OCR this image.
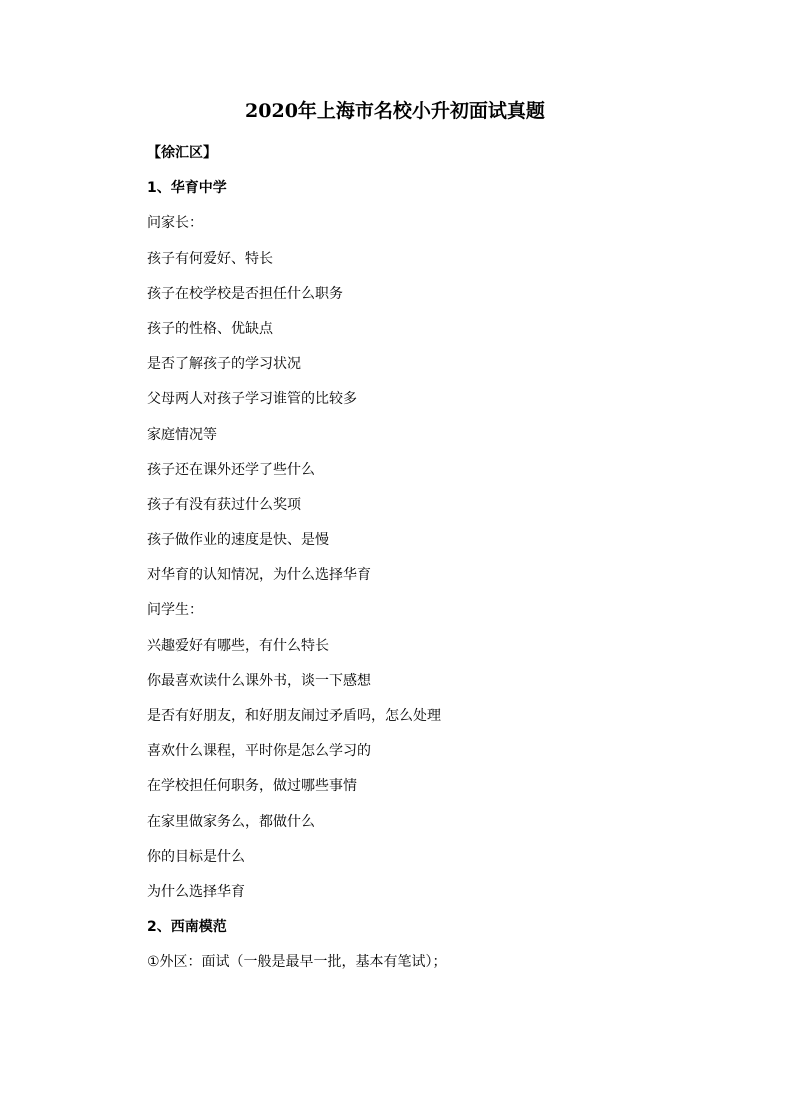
2020年上海市名校小升初面试真题
【徐汇区】
1、华育中学
问家长：
孩子有何爱好、特长
孩子在校学校是否担任什么职务
孩子的性格、优缺点
是否了解孩子的学习状况
父母两人对孩子学习谁管的比较多
家庭情况等
孩子还在课外还学了些什么
孩子有没有获过什么奖项
孩子做作业的速度是快、是慢
对华育的认知情况，为什么选择华育
问学生：
兴趣爱好有哪些，有什么特长
你最喜欢读什么课外书，谈一下感想
是否有好朋友，和好朋友闹过矛盾吗，怎么处理
喜欢什么课程，平时你是怎么学习的
在学校担任何职务，做过哪些事情
在家里做家务么，都做什么
你的目标是什么
为什么选择华育
2、西南模范
①外区：面试（一般是最早一批，基本有笔试）；
